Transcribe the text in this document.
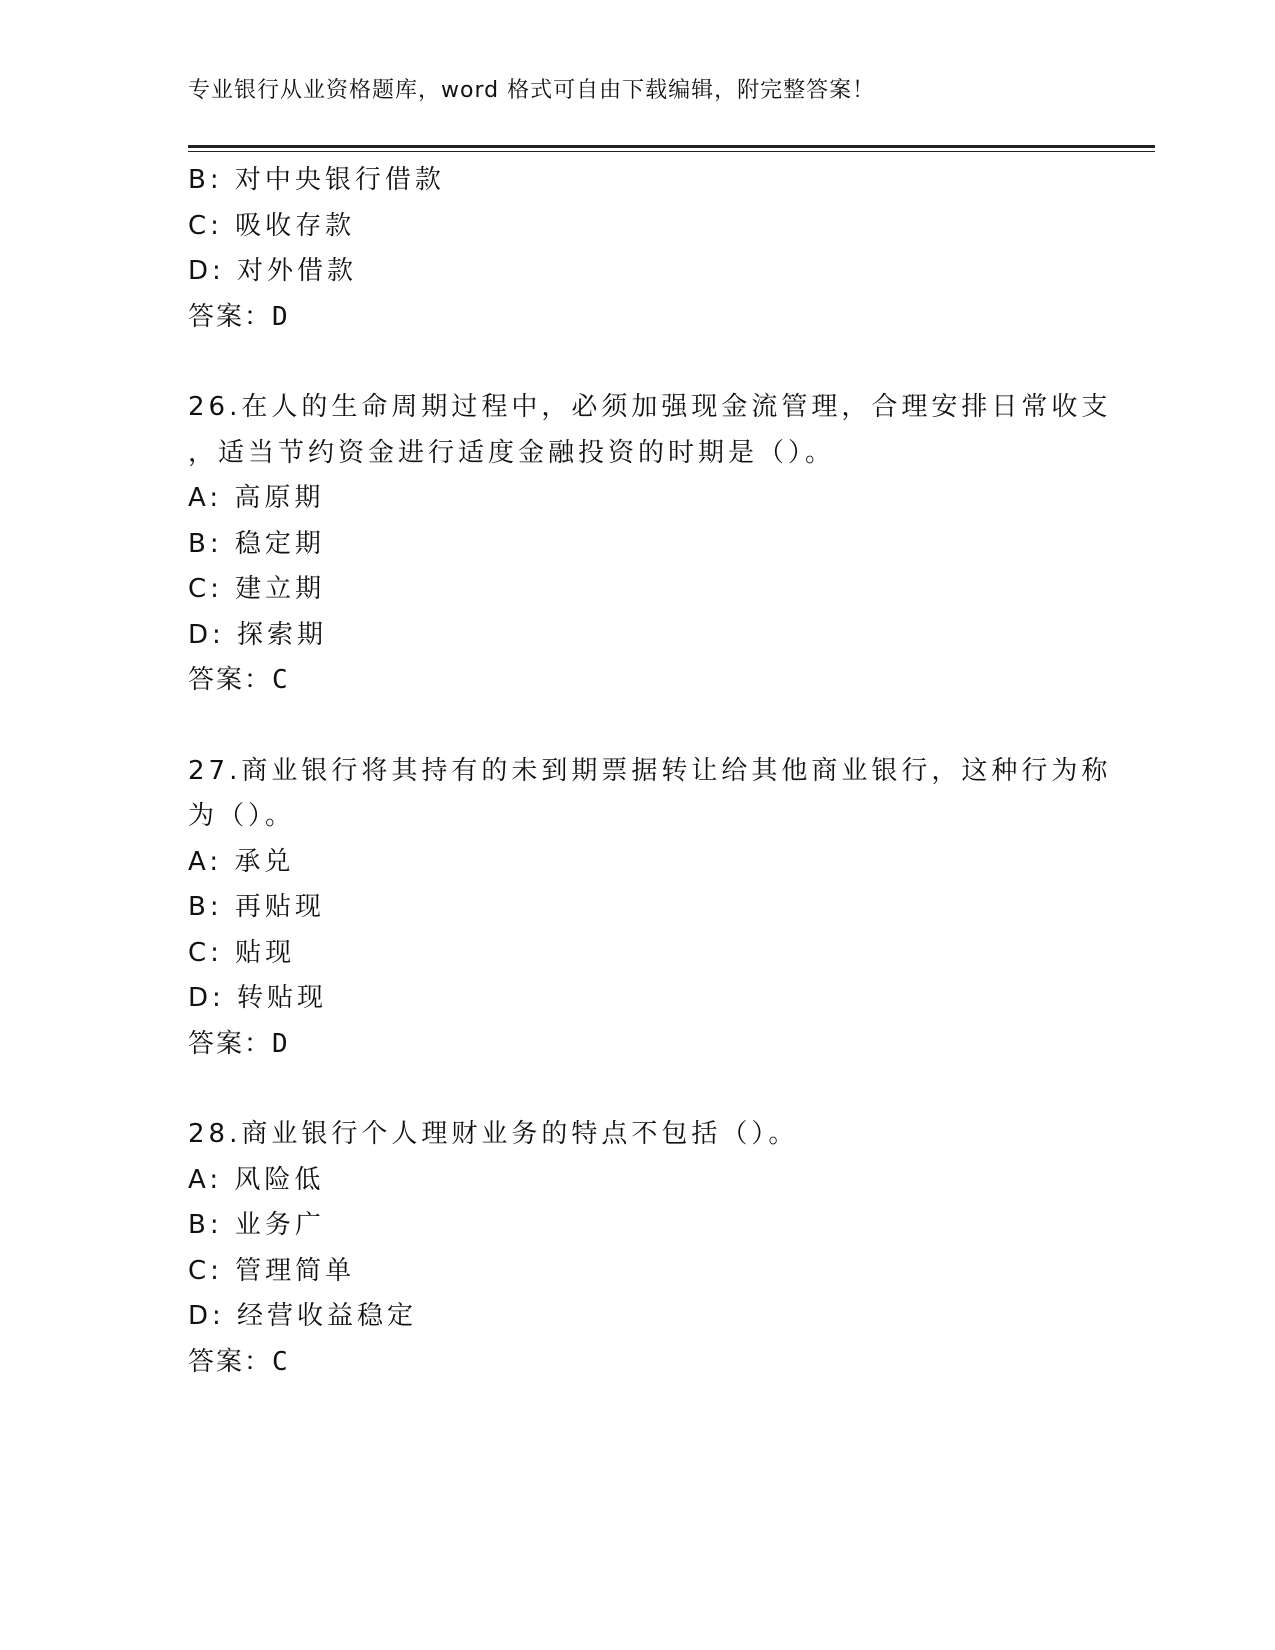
专业银行从业资格题库，word 格式可自由下载编辑，附完整答案！
B: 对中央银行借款
C: 吸收存款
D: 对外借款
答案：D
26.在人的生命周期过程中，必须加强现金流管理，合理安排日常收支
，适当节约资金进行适度金融投资的时期是（）。
A: 高原期
B: 稳定期
C: 建立期
D: 探索期
答案：C
27.商业银行将其持有的未到期票据转让给其他商业银行，这种行为称
为（）。
A: 承兑
B: 再贴现
C: 贴现
D: 转贴现
答案：D
28.商业银行个人理财业务的特点不包括（）。
A: 风险低
B: 业务广
C: 管理简单
D: 经营收益稳定
答案：C
